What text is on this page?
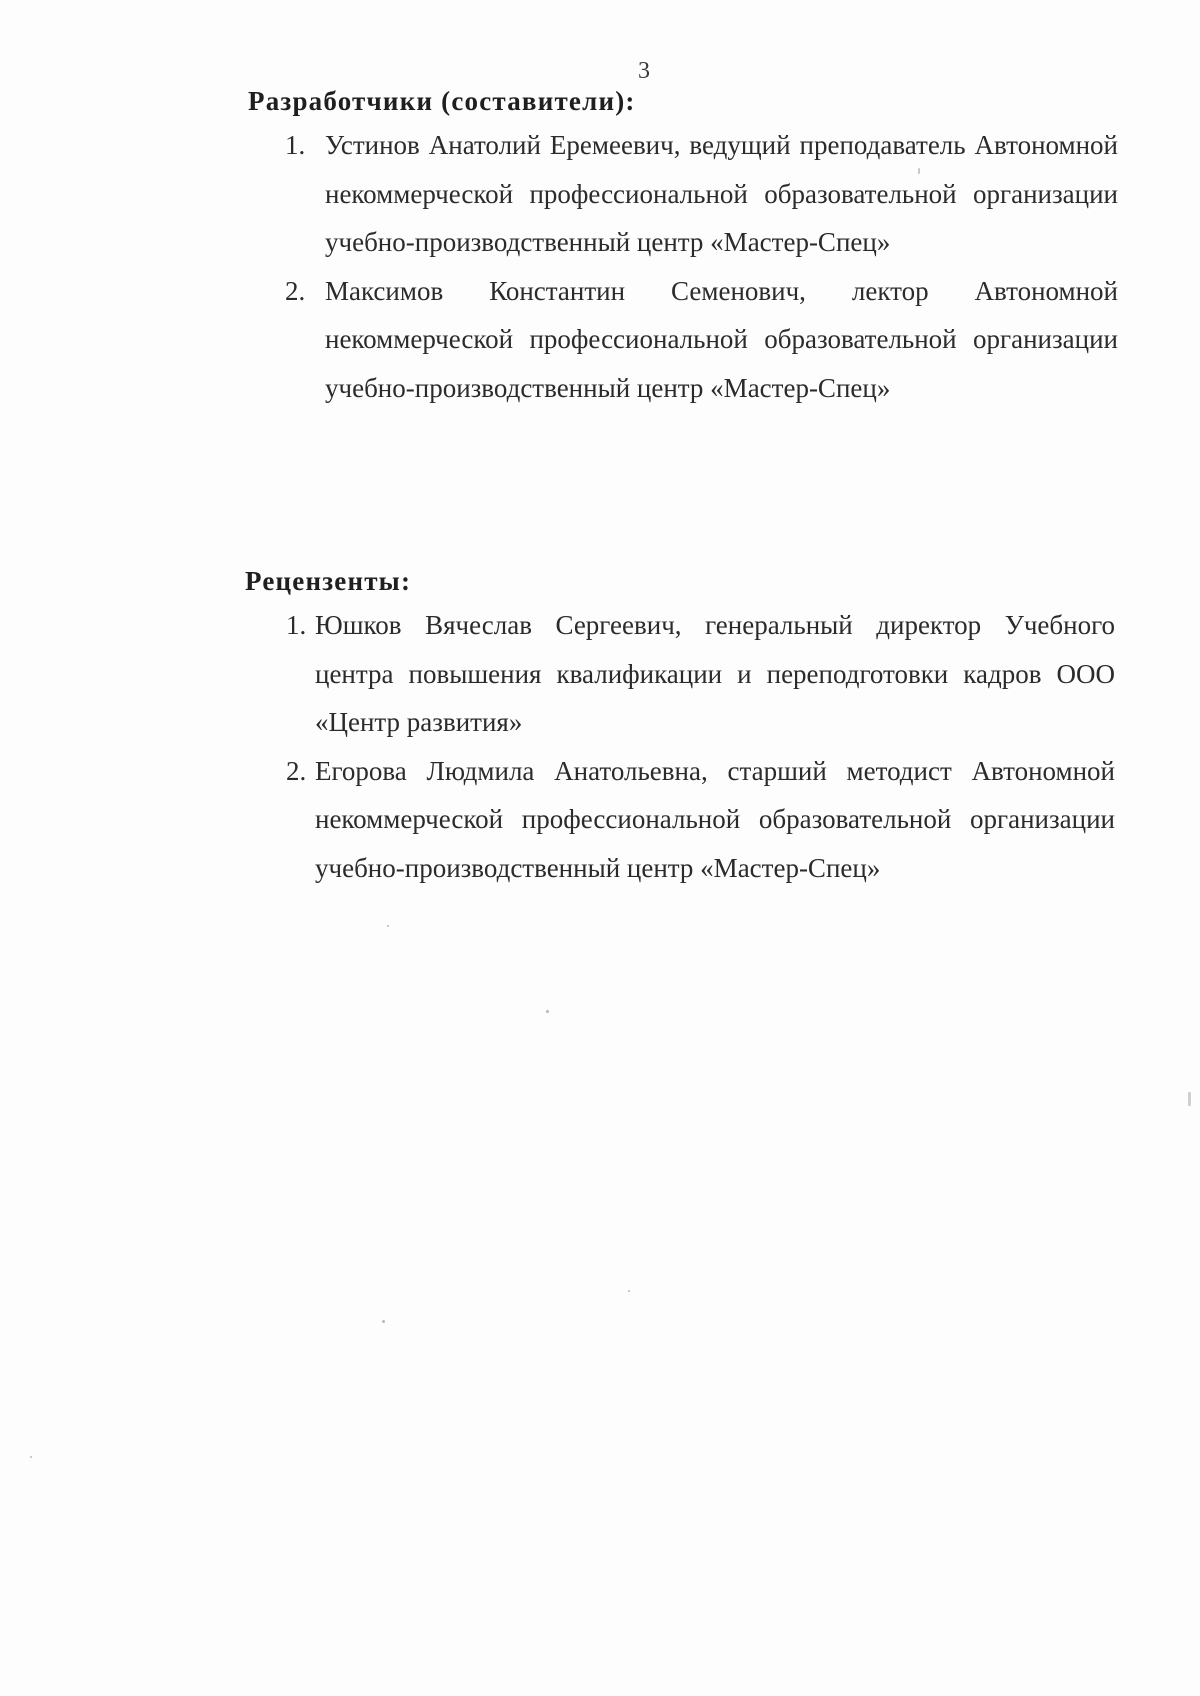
3
Разработчики (составители):
1. Устинов Анатолий Еремеевич, ведущий преподаватель Автономной некоммерческой профессиональной образовательной организации учебно-производственный центр «Мастер-Спец»
2. Максимов Константин Семенович, лектор Автономной некоммерческой профессиональной образовательной организации учебно-производственный центр «Мастер-Спец»
Рецензенты:
1. Юшков Вячеслав Сергеевич, генеральный директор Учебного центра повышения квалификации и переподготовки кадров ООО «Центр развития»
2. Егорова Людмила Анатольевна, старший методист Автономной некоммерческой профессиональной образовательной организации учебно-производственный центр «Мастер-Спец»
